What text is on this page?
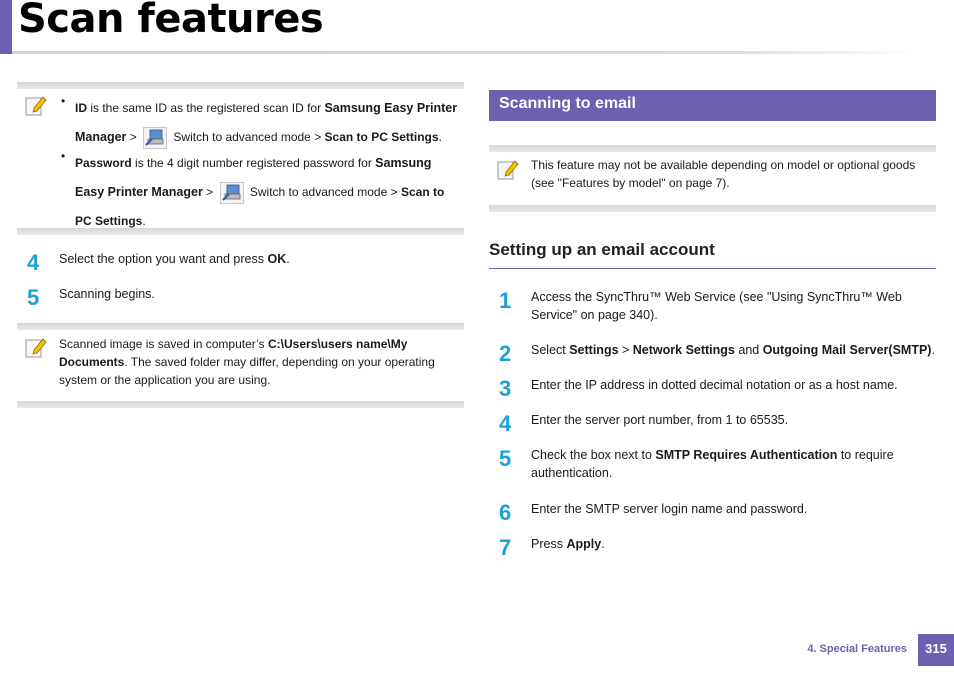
Scan features
• ID is the same ID as the registered scan ID for Samsung Easy Printer Manager >	Switch to advanced mode > Scan to PC Settings.
• Password is the 4 digit number registered password for Samsung Easy Printer Manager >	Switch to advanced mode > Scan to PC Settings.
4 Select the option you want and press OK.
5 Scanning begins.
Scanned image is saved in computer’s C:\Users\users name\My Documents. The saved folder may differ, depending on your operating system or the application you are using.
Scanning to email
This feature may not be available depending on model or optional goods (see "Features by model" on page 7).
Setting up an email account
1 Access the SyncThru™ Web Service (see "Using SyncThru™ Web Service" on page 340).
2 Select Settings > Network Settings and Outgoing Mail Server(SMTP).
3 Enter the IP address in dotted decimal notation or as a host name.
4 Enter the server port number, from 1 to 65535.
5 Check the box next to SMTP Requires Authentication to require authentication.
6 Enter the SMTP server login name and password.
7 Press Apply.
4. Special Features	315
